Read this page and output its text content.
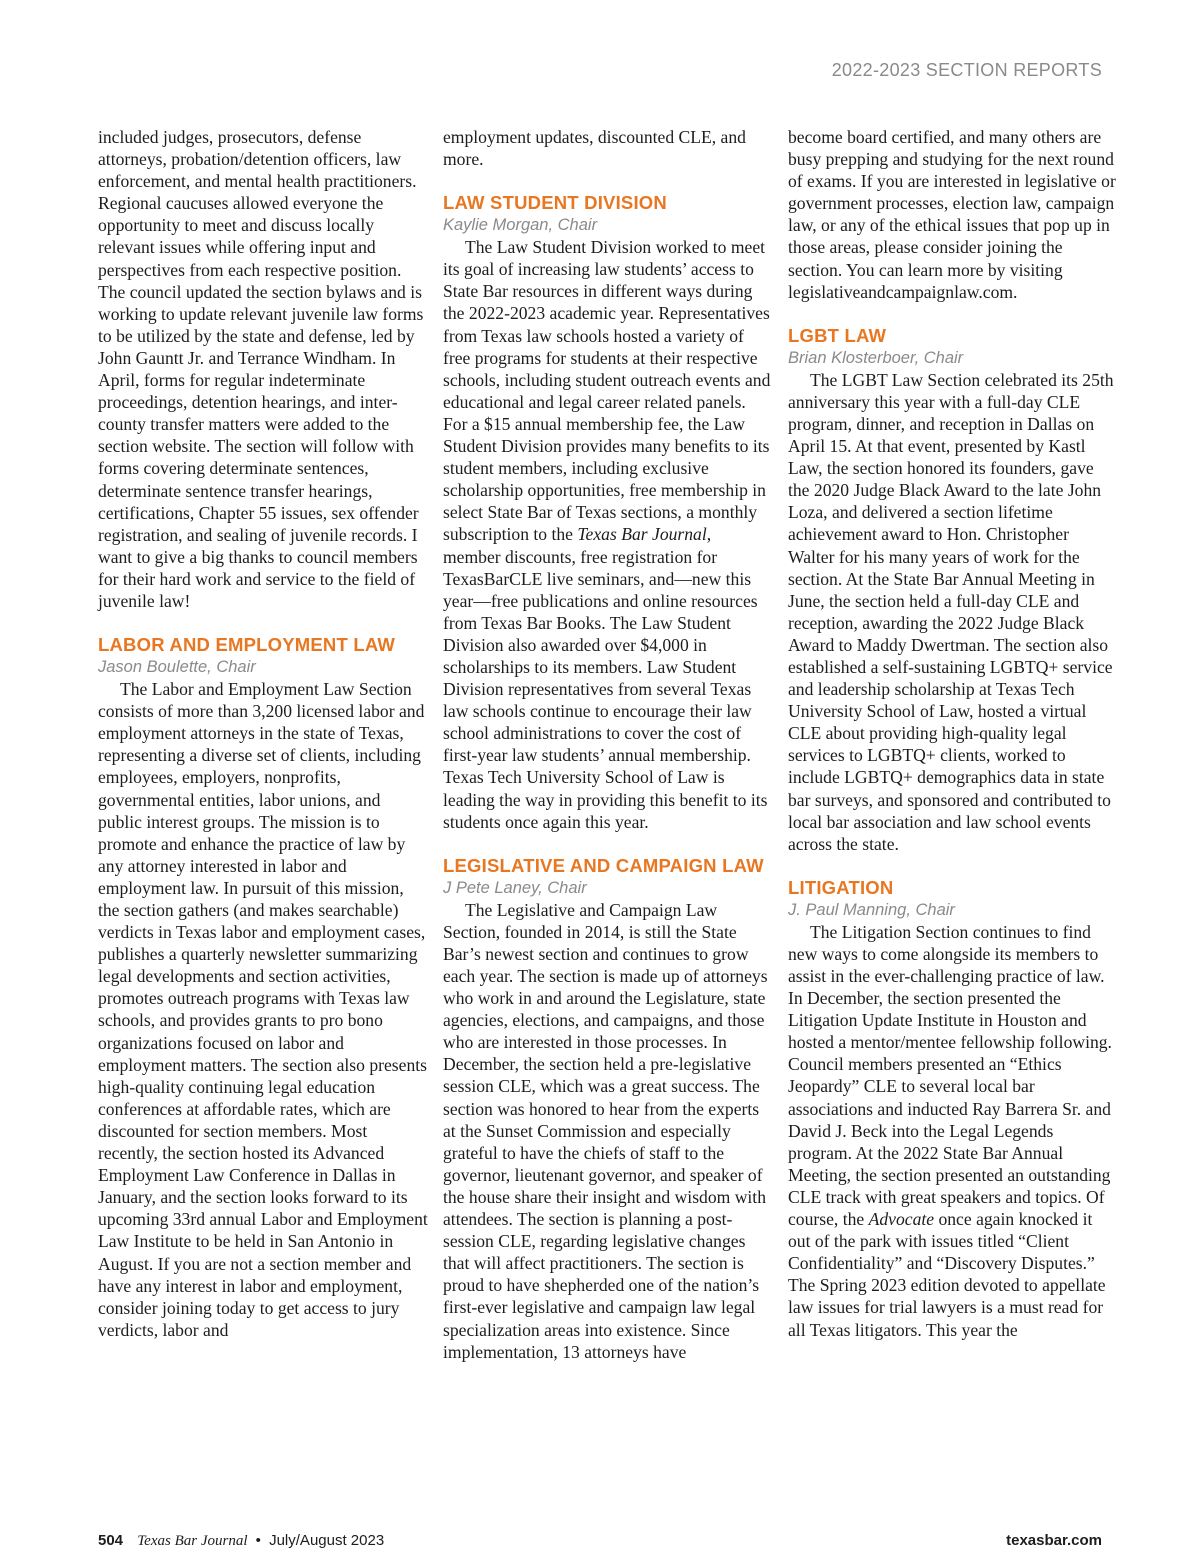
2022-2023 SECTION REPORTS

included judges, prosecutors, defense attorneys, probation/detention officers, law enforcement, and mental health practitioners. Regional caucuses allowed everyone the opportunity to meet and discuss locally relevant issues while offering input and perspectives from each respective position. The council updated the section bylaws and is working to update relevant juvenile law forms to be utilized by the state and defense, led by John Gauntt Jr. and Terrance Windham. In April, forms for regular indeterminate proceedings, detention hearings, and inter-county transfer matters were added to the section website. The section will follow with forms covering determinate sentences, determinate sentence transfer hearings, certifications, Chapter 55 issues, sex offender registration, and sealing of juvenile records. I want to give a big thanks to council members for their hard work and service to the field of juvenile law!

LABOR AND EMPLOYMENT LAW

Jason Boulette, Chair

The Labor and Employment Law Section consists of more than 3,200 licensed labor and employment attorneys in the state of Texas, representing a diverse set of clients, including employees, employers, nonprofits, governmental entities, labor unions, and public interest groups. The mission is to promote and enhance the practice of law by any attorney interested in labor and employment law. In pursuit of this mission, the section gathers (and makes searchable) verdicts in Texas labor and employment cases, publishes a quarterly newsletter summarizing legal developments and section activities, promotes outreach programs with Texas law schools, and provides grants to pro bono organizations focused on labor and employment matters. The section also presents high-quality continuing legal education conferences at affordable rates, which are discounted for section members. Most recently, the section hosted its Advanced Employment Law Conference in Dallas in January, and the section looks forward to its upcoming 33rd annual Labor and Employment Law Institute to be held in San Antonio in August. If you are not a section member and have any interest in labor and employment, consider joining today to get access to jury verdicts, labor and

employment updates, discounted CLE, and more.

LAW STUDENT DIVISION

Kaylie Morgan, Chair

The Law Student Division worked to meet its goal of increasing law students’ access to State Bar resources in different ways during the 2022-2023 academic year. Representatives from Texas law schools hosted a variety of free programs for students at their respective schools, including student outreach events and educational and legal career related panels. For a $15 annual membership fee, the Law Student Division provides many benefits to its student members, including exclusive scholarship opportunities, free membership in select State Bar of Texas sections, a monthly subscription to the Texas Bar Journal, member discounts, free registration for TexasBarCLE live seminars, and—new this year—free publications and online resources from Texas Bar Books. The Law Student Division also awarded over $4,000 in scholarships to its members. Law Student Division representatives from several Texas law schools continue to encourage their law school administrations to cover the cost of first-year law students’ annual membership. Texas Tech University School of Law is leading the way in providing this benefit to its students once again this year.

LEGISLATIVE AND CAMPAIGN LAW

J Pete Laney, Chair

The Legislative and Campaign Law Section, founded in 2014, is still the State Bar’s newest section and continues to grow each year. The section is made up of attorneys who work in and around the Legislature, state agencies, elections, and campaigns, and those who are interested in those processes. In December, the section held a pre-legislative session CLE, which was a great success. The section was honored to hear from the experts at the Sunset Commission and especially grateful to have the chiefs of staff to the governor, lieutenant governor, and speaker of the house share their insight and wisdom with attendees. The section is planning a post-session CLE, regarding legislative changes that will affect practitioners. The section is proud to have shepherded one of the nation’s first-ever legislative and campaign law legal specialization areas into existence. Since implementation, 13 attorneys have

become board certified, and many others are busy prepping and studying for the next round of exams. If you are interested in legislative or government processes, election law, campaign law, or any of the ethical issues that pop up in those areas, please consider joining the section. You can learn more by visiting legislativeandcampaignlaw.com.

LGBT LAW

Brian Klosterboer, Chair

The LGBT Law Section celebrated its 25th anniversary this year with a full-day CLE program, dinner, and reception in Dallas on April 15. At that event, presented by Kastl Law, the section honored its founders, gave the 2020 Judge Black Award to the late John Loza, and delivered a section lifetime achievement award to Hon. Christopher Walter for his many years of work for the section. At the State Bar Annual Meeting in June, the section held a full-day CLE and reception, awarding the 2022 Judge Black Award to Maddy Dwertman. The section also established a self-sustaining LGBTQ+ service and leadership scholarship at Texas Tech University School of Law, hosted a virtual CLE about providing high-quality legal services to LGBTQ+ clients, worked to include LGBTQ+ demographics data in state bar surveys, and sponsored and contributed to local bar association and law school events across the state.

LITIGATION

J. Paul Manning, Chair

The Litigation Section continues to find new ways to come alongside its members to assist in the ever-challenging practice of law. In December, the section presented the Litigation Update Institute in Houston and hosted a mentor/mentee fellowship following. Council members presented an “Ethics Jeopardy” CLE to several local bar associations and inducted Ray Barrera Sr. and David J. Beck into the Legal Legends program. At the 2022 State Bar Annual Meeting, the section presented an outstanding CLE track with great speakers and topics. Of course, the Advocate once again knocked it out of the park with issues titled “Client Confidentiality” and “Discovery Disputes.” The Spring 2023 edition devoted to appellate law issues for trial lawyers is a must read for all Texas litigators. This year the

504 Texas Bar Journal • July/August 2023	texasbar.com
